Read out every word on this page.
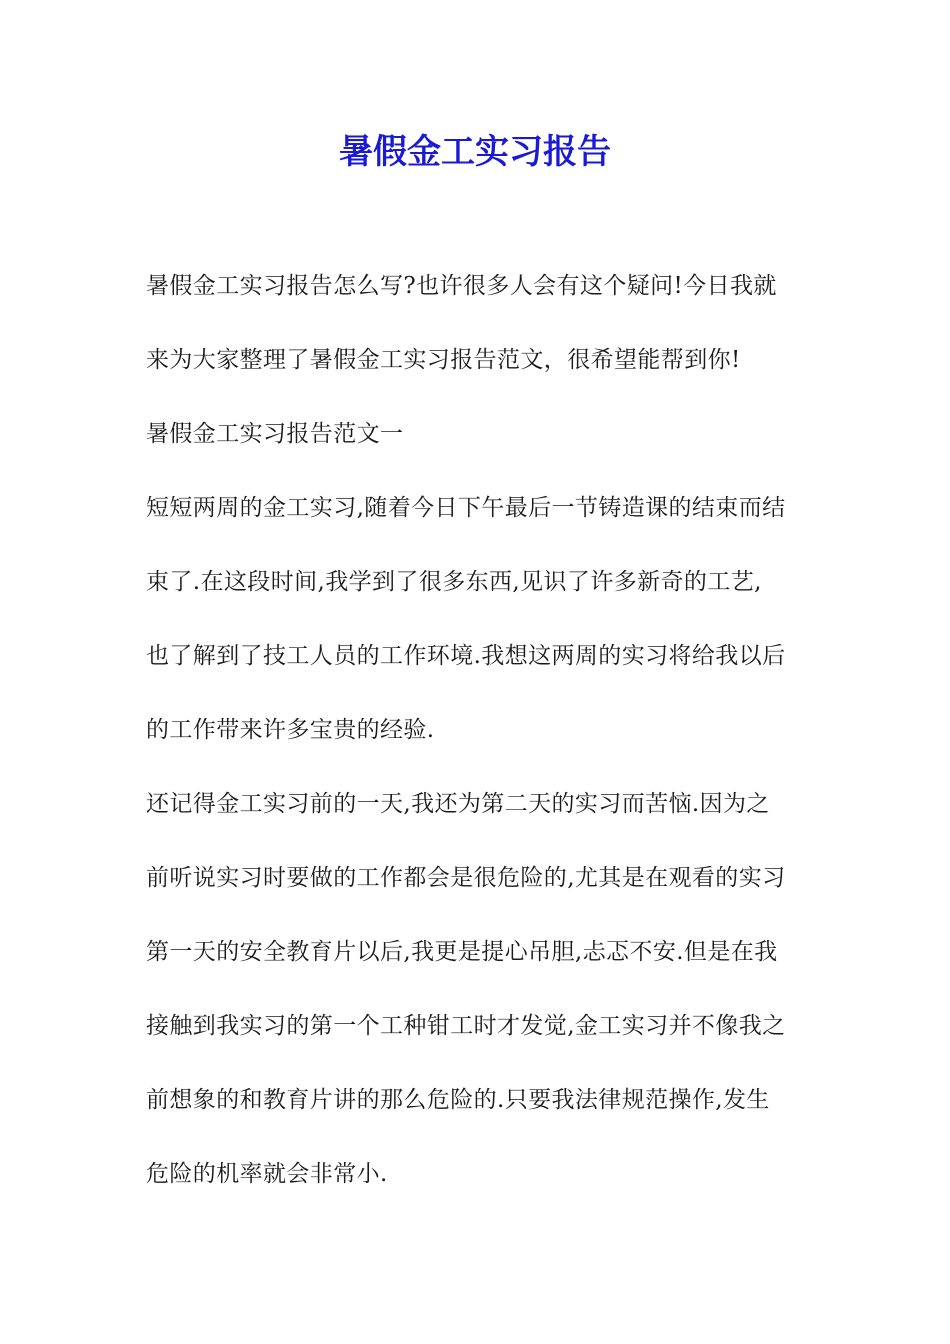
暑假金工实习报告

暑假金工实习报告怎么写?也许很多人会有这个疑问!今日我就

来为大家整理了暑假金工实习报告范文，很希望能帮到你!

暑假金工实习报告范文一

短短两周的金工实习,随着今日下午最后一节铸造课的结束而结

束了.在这段时间,我学到了很多东西,见识了许多新奇的工艺,

也了解到了技工人员的工作环境.我想这两周的实习将给我以后

的工作带来许多宝贵的经验.

还记得金工实习前的一天,我还为第二天的实习而苦恼.因为之

前听说实习时要做的工作都会是很危险的,尤其是在观看的实习

第一天的安全教育片以后,我更是提心吊胆,忐忑不安.但是在我

接触到我实习的第一个工种钳工时才发觉,金工实习并不像我之

前想象的和教育片讲的那么危险的.只要我法律规范操作,发生

危险的机率就会非常小.
